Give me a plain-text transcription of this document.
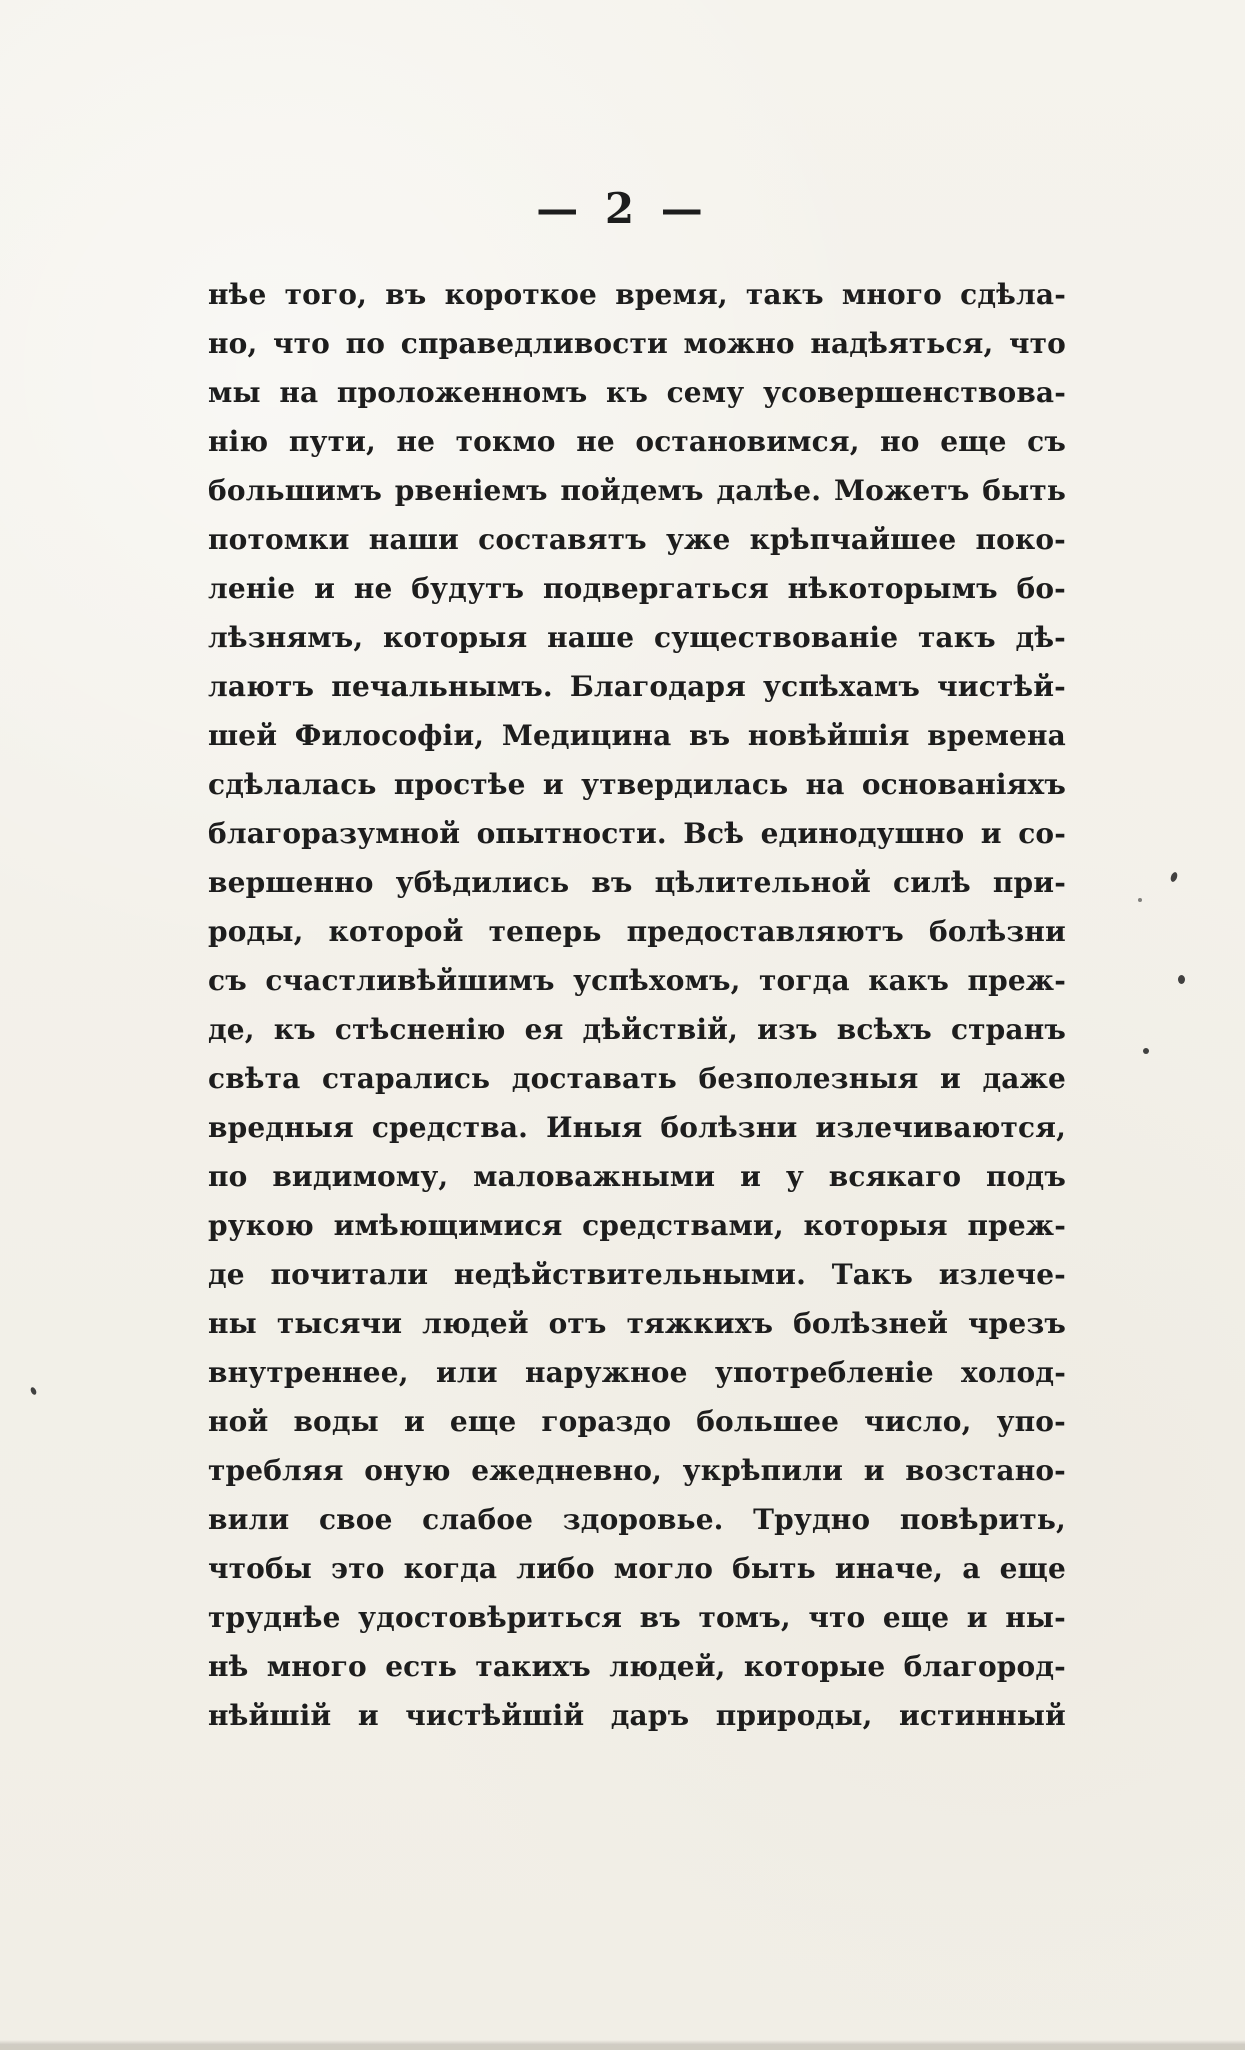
— 2 —
нѣе того, въ короткое время, такъ много сдѣла-
но, что по справедливости можно надѣяться, что
мы на проложенномъ къ сему усовершенствова-
нію пути, не токмо не остановимся, но еще съ
большимъ рвеніемъ пойдемъ далѣе. Можетъ быть
потомки наши составятъ уже крѣпчайшее поко-
леніе и не будутъ подвергаться нѣкоторымъ бо-
лѣзнямъ, которыя наше существованіе такъ дѣ-
лаютъ печальнымъ. Благодаря успѣхамъ чистѣй-
шей Философіи, Медицина въ новѣйшія времена
сдѣлалась простѣе и утвердилась на основаніяхъ
благоразумной опытности. Всѣ единодушно и со-
вершенно убѣдились въ цѣлительной силѣ при-
роды, которой теперь предоставляютъ болѣзни
съ счастливѣйшимъ успѣхомъ, тогда какъ преж-
де, къ стѣсненію ея дѣйствій, изъ всѣхъ странъ
свѣта старались доставать безполезныя и даже
вредныя средства. Иныя болѣзни излечиваются,
по видимому, маловажными и у всякаго подъ
рукою имѣющимися средствами, которыя преж-
де почитали недѣйствительными. Такъ излече-
ны тысячи людей отъ тяжкихъ болѣзней чрезъ
внутреннее, или наружное употребленіе холод-
ной воды и еще гораздо большее число, упо-
требляя оную ежедневно, укрѣпили и возстано-
вили свое слабое здоровье. Трудно повѣрить,
чтобы это когда либо могло быть иначе, а еще
труднѣе удостовѣриться въ томъ, что еще и ны-
нѣ много есть такихъ людей, которые благород-
нѣйшій и чистѣйшій даръ природы, истинный
